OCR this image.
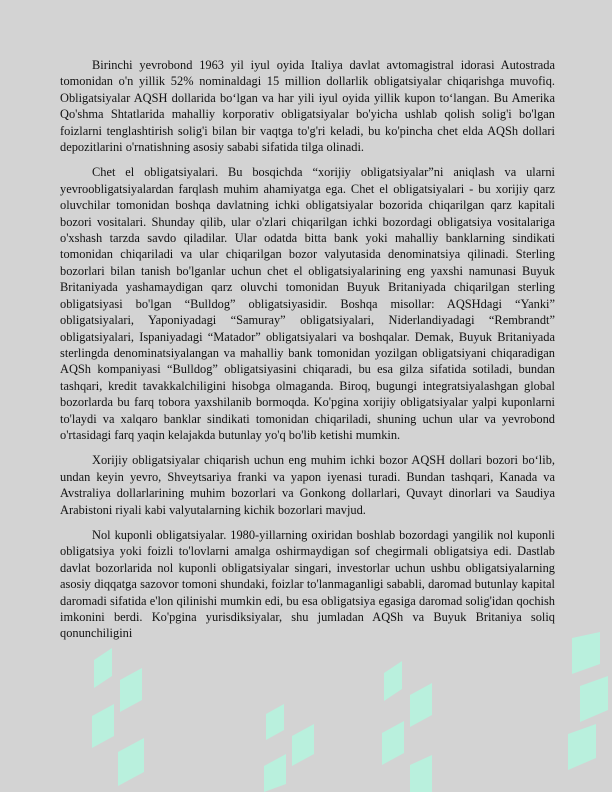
Birinchi yevrobond 1963 yil iyul oyida Italiya davlat avtomagistral idorasi Autostrada tomonidan o'n yillik 52% nominaldagi 15 million dollarlik obligatsiyalar chiqarishga muvofiq. Obligatsiyalar AQSH dollarida bo‘lgan va har yili iyul oyida yillik kupon to‘langan. Bu Amerika Qo'shma Shtatlarida mahalliy korporativ obligatsiyalar bo'yicha ushlab qolish solig'i bo'lgan foizlarni tenglashtirish solig'i bilan bir vaqtga to'g'ri keladi, bu ko'pincha chet elda AQSh dollari depozitlarini o'rnatishning asosiy sababi sifatida tilga olinadi.

Chet el obligatsiyalari. Bu bosqichda “xorijiy obligatsiyalar”ni aniqlash va ularni yevroobligatsiyalardan farqlash muhim ahamiyatga ega. Chet el obligatsiyalari - bu xorijiy qarz oluvchilar tomonidan boshqa davlatning ichki obligatsiyalar bozorida chiqarilgan qarz kapitali bozori vositalari. Shunday qilib, ular o'zlari chiqarilgan ichki bozordagi obligatsiya vositalariga o'xshash tarzda savdo qiladilar. Ular odatda bitta bank yoki mahalliy banklarning sindikati tomonidan chiqariladi va ular chiqarilgan bozor valyutasida denominatsiya qilinadi. Sterling bozorlari bilan tanish bo'lganlar uchun chet el obligatsiyalarining eng yaxshi namunasi Buyuk Britaniyada yashamaydigan qarz oluvchi tomonidan Buyuk Britaniyada chiqarilgan sterling obligatsiyasi bo'lgan “Bulldog” obligatsiyasidir. Boshqa misollar: AQSHdagi “Yanki” obligatsiyalari, Yaponiyadagi “Samuray” obligatsiyalari, Niderlandiyadagi “Rembrandt” obligatsiyalari, Ispaniyadagi “Matador” obligatsiyalari va boshqalar. Demak, Buyuk Britaniyada sterlingda denominatsiyalangan va mahalliy bank tomonidan yozilgan obligatsiyani chiqaradigan AQSh kompaniyasi “Bulldog” obligatsiyasini chiqaradi, bu esa gilza sifatida sotiladi, bundan tashqari, kredit tavakkalchiligini hisobga olmaganda. Biroq, bugungi integratsiyalashgan global bozorlarda bu farq tobora yaxshilanib bormoqda. Ko'pgina xorijiy obligatsiyalar yalpi kuponlarni to'laydi va xalqaro banklar sindikati tomonidan chiqariladi, shuning uchun ular va yevrobond o'rtasidagi farq yaqin kelajakda butunlay yo'q bo'lib ketishi mumkin.

Xorijiy obligatsiyalar chiqarish uchun eng muhim ichki bozor AQSH dollari bozori bo‘lib, undan keyin yevro, Shveytsariya franki va yapon iyenasi turadi. Bundan tashqari, Kanada va Avstraliya dollarlarining muhim bozorlari va Gonkong dollarlari, Quvayt dinorlari va Saudiya Arabistoni riyali kabi valyutalarning kichik bozorlari mavjud.

Nol kuponli obligatsiyalar. 1980-yillarning oxiridan boshlab bozordagi yangilik nol kuponli obligatsiya yoki foizli to'lovlarni amalga oshirmaydigan sof chegirmali obligatsiya edi. Dastlab davlat bozorlarida nol kuponli obligatsiyalar singari, investorlar uchun ushbu obligatsiyalarning asosiy diqqatga sazovor tomoni shundaki, foizlar to'lanmaganligi sababli, daromad butunlay kapital daromadi sifatida e'lon qilinishi mumkin edi, bu esa obligatsiya egasiga daromad solig'idan qochish imkonini berdi. Ko'pgina yurisdiksiyalar, shu jumladan AQSh va Buyuk Britaniya soliq qonunchiligini
